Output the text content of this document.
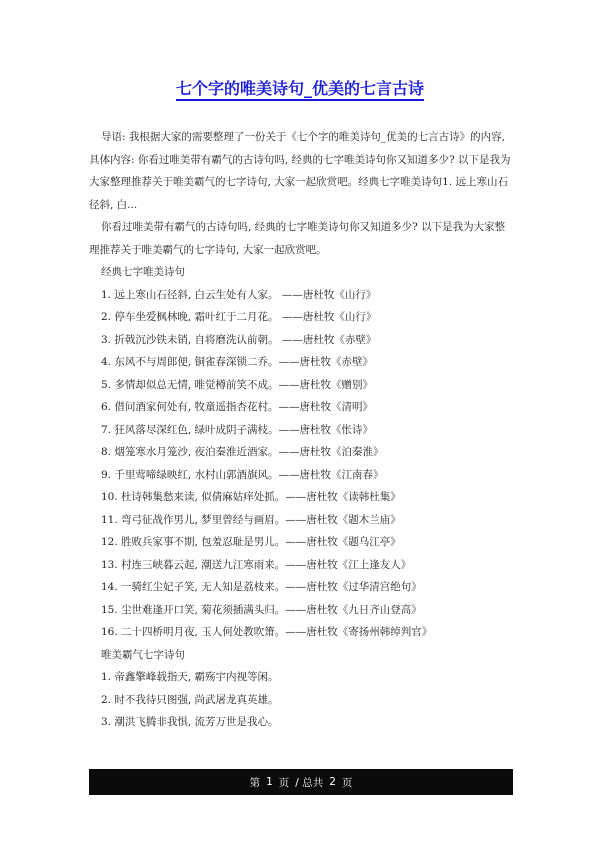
七个字的唯美诗句_优美的七言古诗

导语: 我根据大家的需要整理了一份关于《七个字的唯美诗句_优美的七言古诗》的内容, 具体内容: 你看过唯美带有霸气的古诗句吗, 经典的七字唯美诗句你又知道多少? 以下是我为大家整理推荐关于唯美霸气的七字诗句, 大家一起欣赏吧。经典七字唯美诗句1. 远上寒山石径斜, 白...

你看过唯美带有霸气的古诗句吗, 经典的七字唯美诗句你又知道多少? 以下是我为大家整理推荐关于唯美霸气的七字诗句, 大家一起欣赏吧。

经典七字唯美诗句

1. 远上寒山石径斜, 白云生处有人家。 ——唐杜牧《山行》
2. 停车坐爱枫林晚, 霜叶红于二月花。 ——唐杜牧《山行》
3. 折戟沉沙铁未销, 自将磨洗认前朝。 ——唐杜牧《赤壁》
4. 东风不与周郎便, 铜雀春深锁二乔。——唐杜牧《赤壁》
5. 多情却似总无情, 唯觉樽前笑不成。——唐杜牧《赠别》
6. 借问酒家何处有, 牧童遥指杏花村。——唐杜牧《清明》
7. 狂风落尽深红色, 绿叶成阴子满枝。——唐杜牧《怅诗》
8. 烟笼寒水月笼沙, 夜泊秦淮近酒家。——唐杜牧《泊秦淮》
9. 千里莺啼绿映红, 水村山郭酒旗风。——唐杜牧《江南春》
10. 杜诗韩集愁来读, 似倩麻姑痒处抓。——唐杜牧《读韩杜集》
11. 弯弓征战作男儿, 梦里曾经与画眉。——唐杜牧《题木兰庙》
12. 胜败兵家事不期, 包羞忍耻是男儿。——唐杜牧《题乌江亭》
13. 村连三峡暮云起, 潮送九江寒雨来。——唐杜牧《江上逢友人》
14. 一骑红尘妃子笑, 无人知是荔枝来。——唐杜牧《过华清宫绝句》
15. 尘世难逢开口笑, 菊花须插满头归。——唐杜牧《九日齐山登高》
16. 二十四桥明月夜, 玉人何处教吹箫。——唐杜牧《寄扬州韩绰判官》

唯美霸气七字诗句

1. 帝鑫擎峰载指天, 霸殇宇内视等闲。
2. 时不我待只图强, 尚武屠龙真英雄。
3. 潮洪飞腾非我惧, 流芳万世是我心。
第 1 页 / 总共 2 页
